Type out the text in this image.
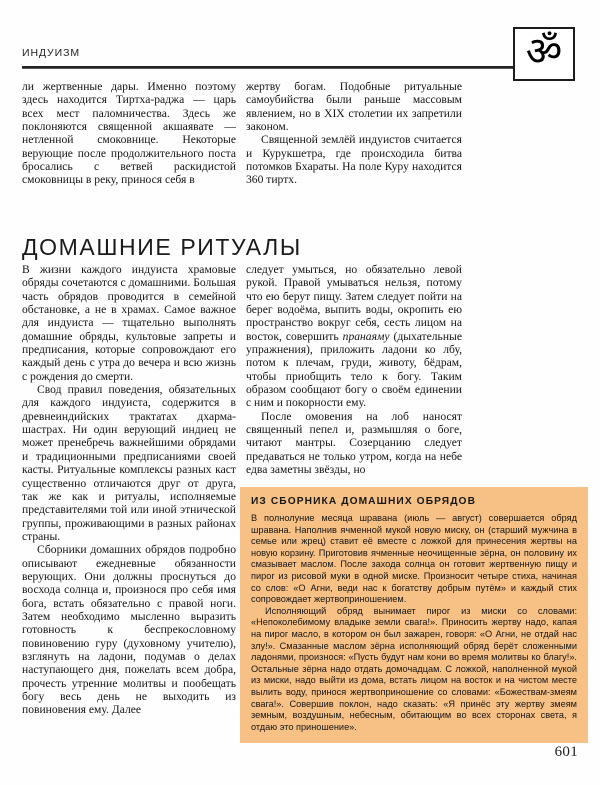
ИНДУИЗМ	ॐ

ли жертвенные дары. Именно поэтому здесь находится Тиртха-раджа — царь всех мест паломничества. Здесь же поклоняются священной акшаявате — нетленной смоковнице. Некоторые верующие после продолжительного поста бросались с ветвей раскидистой смоковницы в реку, принося себя в

жертву богам. Подобные ритуальные самоубийства были раньше массовым явлением, но в XIX столетии их запретили законом.

Священной землёй индуистов считается и Курукшетра, где происходила битва потомков Бхараты. На поле Куру находится 360 тиртх.

ДОМАШНИЕ РИТУАЛЫ

В жизни каждого индуиста храмовые обряды сочетаются с домашними. Большая часть обрядов проводится в семейной обстановке, а не в храмах. Самое важное для индуиста — тщательно выполнять домашние обряды, культовые запреты и предписания, которые сопровождают его каждый день с утра до вечера и всю жизнь с рождения до смерти.

Свод правил поведения, обязательных для каждого индуиста, содержится в древнеиндийских трактатах дхарма-шастрах. Ни один верующий индиец не может пренебречь важнейшими обрядами и традиционными предписаниями своей касты. Ритуальные комплексы разных каст существенно отличаются друг от друга, так же как и ритуалы, исполняемые представителями той или иной этнической группы, проживающими в разных районах страны.

Сборники домашних обрядов подробно описывают ежедневные обязанности верующих. Они должны проснуться до восхода солнца и, произнося про себя имя бога, встать обязательно с правой ноги. Затем необходимо мысленно выразить готовность к беспрекословному повиновению гуру (духовному учителю), взглянуть на ладони, подумав о делах наступающего дня, пожелать всем добра, прочесть утренние молитвы и пообещать богу весь день не выходить из повиновения ему. Далее

следует умыться, но обязательно левой рукой. Правой умываться нельзя, потому что ею берут пищу. Затем следует пойти на берег водоёма, выпить воды, окропить ею пространство вокруг себя, сесть лицом на восток, совершить пранаяму (дыхательные упражнения), приложить ладони ко лбу, потом к плечам, груди, животу, бёдрам, чтобы приобщить тело к богу. Таким образом сообщают богу о своём единении с ним и покорности ему.

После омовения на лоб наносят священный пепел и, размышляя о боге, читают мантры. Созерцанию следует предаваться не только утром, когда на небе едва заметны звёзды, но

ИЗ СБОРНИКА ДОМАШНИХ ОБРЯДОВ

В полнолуние месяца шравана (июль — август) совершается обряд шравана. Наполнив ячменной мукой новую миску, он (старший мужчина в семье или жрец) ставит её вместе с ложкой для принесения жертвы на новую корзину. Приготовив ячменные неочищенные зёрна, он половину их смазывает маслом. После захода солнца он готовит жертвенную пищу и пирог из рисовой муки в одной миске. Произносит четыре стиха, начиная со слов: «О Агни, веди нас к богатству добрым путём» и каждый стих сопровождает жертвоприношением.

Исполняющий обряд вынимает пирог из миски со словами: «Непоколебимому владыке земли свага!». Приносить жертву надо, капая на пирог масло, в котором он был зажарен, говоря: «О Агни, не отдай нас злу!». Смазанные маслом зёрна исполняющий обряд берёт сложенными ладонями, произнося: «Пусть будут нам кони во время молитвы ко благу!». Остальные зёрна надо отдать домочадцам. С ложкой, наполненной мукой из миски, надо выйти из дома, встать лицом на восток и на чистом месте вылить воду, принося жертвоприношение со словами: «Божествам-змеям свага!». Совершив поклон, надо сказать: «Я принёс эту жертву змеям земным, воздушным, небесным, обитающим во всех сторонах света, я отдаю это приношение».

601
